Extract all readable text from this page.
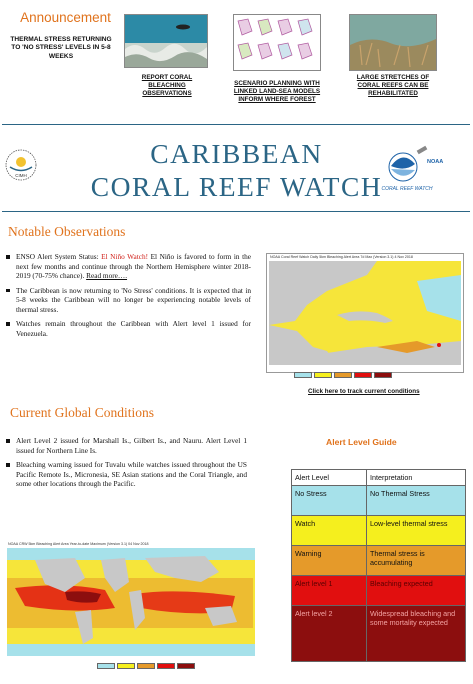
Announcement
THERMAL STRESS RETURNING TO 'NO STRESS' LEVELS IN 5-8 WEEKS
REPORT CORAL BLEACHING OBSERVATIONS
SCENARIO PLANNING WITH LINKED LAND-SEA MODELS INFORM WHERE FOREST
LARGE STRETCHES OF CORAL REEFS CAN BE REHABILITATED
CIMH
CARIBBEAN
CORAL REEF WATCH
NOAA
CORAL REEF WATCH
Notable Observations
ENSO Alert System Status: El Niño Watch! El Niño is favored to form in the next few months and continue through the Northern Hemisphere winter 2018-2019 (70-75% chance). Read more….
The Caribbean is now returning to 'No Stress' conditions. It is expected that in 5-8 weeks the Caribbean will no longer be experiencing notable levels of thermal stress.
Watches remain throughout the Caribbean with Alert level 1 issued for Venezuela.
NOAA Coral Reef Watch Daily 5km Bleaching Alert Area 7d Max (Version 3.1) 4 Nov 2018
Click here to track current conditions
Current Global Conditions
Alert Level 2 issued for Marshall Is., Gilbert Is., and Nauru. Alert Level 1 issued for Northern Line Is.
Bleaching warning issued for Tuvalu while watches issued throughout the US Pacific Remote Is., Micronesia, SE Asian stations and the Coral Triangle, and some other locations through the Pacific.
NOAA CRW 5km Bleaching Alert Area Year-to-date Maximum (Version 3.1) 04 Nov 2018
Alert Level Guide
Alert Level	Interpretation
No Stress	No Thermal Stress
Watch	Low-level thermal stress
Warning	Thermal stress is accumulating
Alert level 1	Bleaching expected
Alert level 2	Widespread bleaching and some mortality expected
